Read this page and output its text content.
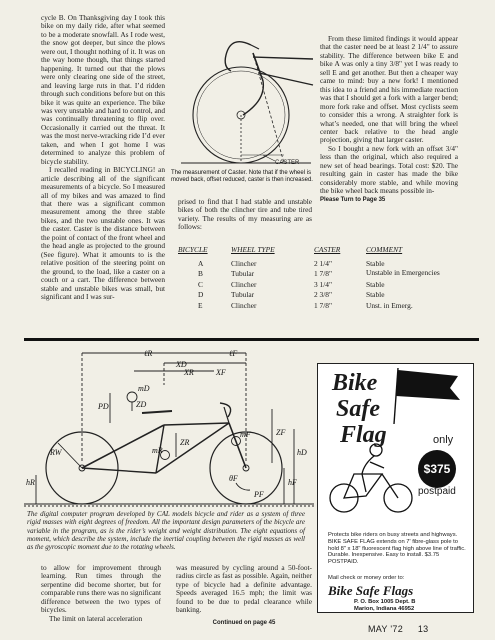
cycle B. On Thanksgiving day I took this bike on my daily ride, after what seemed to be a moderate snowfall. As I rode west, the snow got deeper, but since the plows were out, I thought nothing of it. It was on the way home though, that things started happening. It turned out that the plows were only clearing one side of the street, and leaving large ruts in that. I’d ridden through such conditions before but on this bike it was quite an experience. The bike was very unstable and hard to control, and was continually threatening to flip over. Occasionally it carried out the threat. It was the most nerve-wracking ride I’d ever taken, and when I got home I was determined to analyze this problem of bicycle stability.

I recalled reading in BICYCLING! an article describing all of the significant measurements of a bicycle. So I measured all of my bikes and was amazed to find that there was a significant common measurement among the three stable bikes, and the two unstable ones. It was the caster. Caster is the distance between the point of contact of the front wheel and the head angle as projected to the ground (See figure). What it amounts to is the relative position of the steering point on the ground, to the load, like a caster on a couch or a cart. The difference between stable and unstable bikes was small, but significant and I was sur-

CASTER
The measurement of Caster. Note that if the wheel is moved back, offset reduced, caster is then increased.

prised to find that I had stable and unstable bikes of both the clincher tire and tube tired variety. The results of my measuring are as follows:

From these limited findings it would appear that the caster need be at least 2 1/4" to assure stability. The difference between bike E and bike A was only a tiny 3/8" yet I was ready to sell E and get another. But then a cheaper way came to mind: buy a new fork! I mentioned this idea to a friend and his immediate reaction was that I should get a fork with a larger bend; more fork rake and offset. Most cyclists seem to consider this a wrong. A straighter fork is what’s needed, one that will bring the wheel center back relative to the head angle projection, giving that larger caster.

So I bought a new fork with an offset 3/4" less than the original, which also required a new set of head bearings. Total cost: $20. The resulting gain in caster has made the bike considerably more stable, and while moving the bike wheel back means possible in-

Please Turn to Page 35

BICYCLE	WHEEL TYPE	CASTER	COMMENT
A	Clincher	2 1/4"	Stable
B	Tubular	1 7/8"	Unstable in Emergencies
C	Clincher	3 1/4"	Stable
D	Tubular	2 3/8"	Stable
E	Clincher	1 7/8"	Unst. in Emerg.
ℓR	ℓF
XD
XR	XF
mD
ZD
PD
ZR
mR
ZF
mF
hD
RW
hR	hF
θF
PF
The digital computer program developed by CAL models bicycle and rider as a system of three rigid masses with eight degrees of freedom. All the important design parameters of the bicycle are variable in the program, as is the rider’s weight and weight distribution. The eight equations of moment, which describe the system, include the inertial coupling between the rigid masses as well as the gyroscopic moment due to the rotating wheels.
Bike
Safe
Flag	only
$375
postpaid
Protects bike riders on busy streets and highways. BIKE SAFE FLAG extends on 7' fibre-glass pole to hold 8" x 18" fluorescent flag high above line of traffic. Durable. Inexpensive. Easy to install. $3.75 POSTPAID.
Mail check or money order to:
Bike Safe Flags
P. O. Box 1005 Dept. B
Marion, Indiana 46952

to allow for improvement through learning. Run times through the serpentine did become shorter, but for comparable runs there was no significant difference between the two types of bicycles.

The limit on lateral acceleration

was measured by cycling around a 50-foot-radius circle as fast as possible. Again, neither type of bicycle had a definite advantage. Speeds averaged 16.5 mph; the limit was found to be due to pedal clearance while banking.

Continued on page 45

MAY '72 13
